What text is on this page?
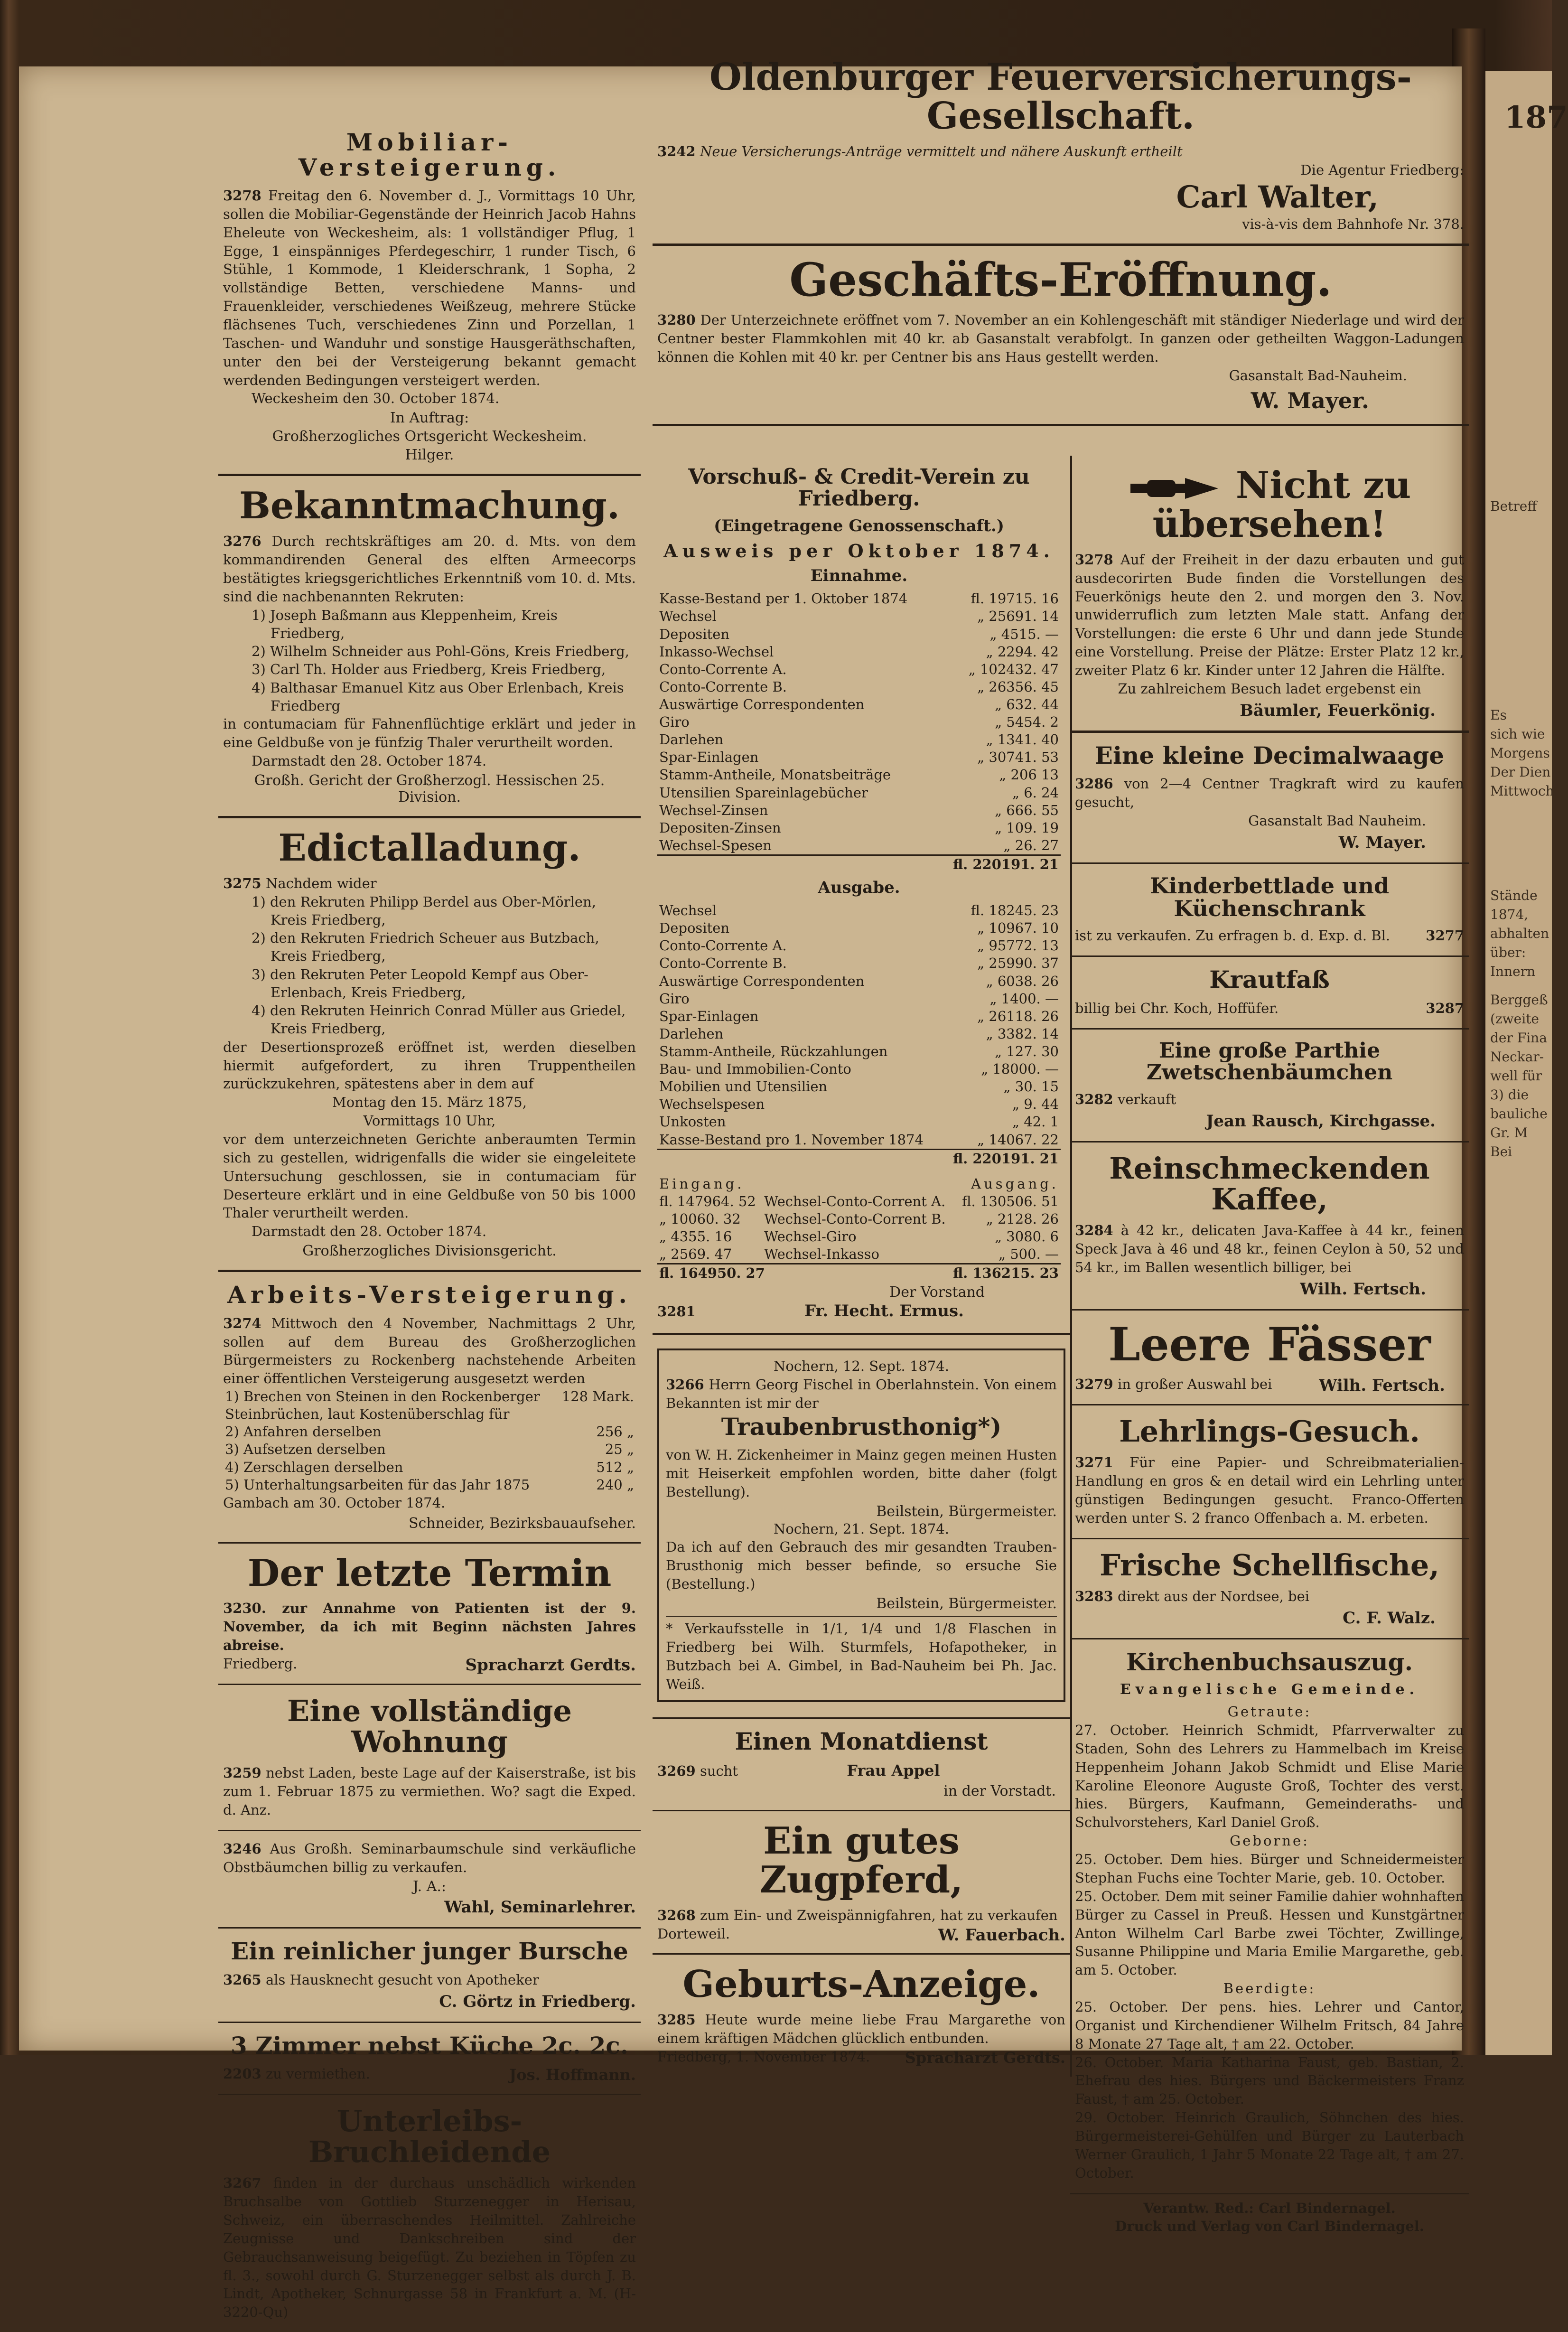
187
Betreff
Es
sich wie
Morgens
Der Dien
Mittwoch
Stände
1874,
abhalten
über:
Innern
Berggeß
(zweite
der Fina
Neckar-
well für
3) die
bauliche
Gr. M
Bei
Mobiliar-Versteigerung.
3278 Freitag den 6. November d. J., Vormittags 10 Uhr, sollen die Mobiliar-Gegenstände der Heinrich Jacob Hahns Eheleute von Weckesheim, als: 1 vollständiger Pflug, 1 Egge, 1 einspänniges Pferdegeschirr, 1 runder Tisch, 6 Stühle, 1 Kommode, 1 Kleiderschrank, 1 Sopha, 2 vollständige Betten, verschiedene Manns- und Frauenkleider, verschiedenes Weißzeug, mehrere Stücke flächsenes Tuch, verschiedenes Zinn und Porzellan, 1 Taschen- und Wanduhr und sonstige Hausgeräthschaften, unter den bei der Versteigerung bekannt gemacht werdenden Bedingungen versteigert werden.
Weckesheim den 30. October 1874.
In Auftrag:
Großherzogliches Ortsgericht Weckesheim.
Hilger.
Bekanntmachung.
3276 Durch rechtskräftiges am 20. d. Mts. von dem kommandirenden General des elften Armeecorps bestätigtes kriegsgerichtliches Erkenntniß vom 10. d. Mts. sind die nachbenannten Rekruten:
1) Joseph Baßmann aus Kleppenheim, Kreis Friedberg,
2) Wilhelm Schneider aus Pohl-Göns, Kreis Friedberg,
3) Carl Th. Holder aus Friedberg, Kreis Friedberg,
4) Balthasar Emanuel Kitz aus Ober Erlenbach, Kreis Friedberg
in contumaciam für Fahnenflüchtige erklärt und jeder in eine Geldbuße von je fünfzig Thaler verurtheilt worden.
Darmstadt den 28. October 1874.
Großh. Gericht der Großherzogl. Hessischen 25. Division.
Edictalladung.
3275 Nachdem wider
1) den Rekruten Philipp Berdel aus Ober-Mörlen, Kreis Friedberg,
2) den Rekruten Friedrich Scheuer aus Butzbach, Kreis Friedberg,
3) den Rekruten Peter Leopold Kempf aus Ober-Erlenbach, Kreis Friedberg,
4) den Rekruten Heinrich Conrad Müller aus Griedel, Kreis Friedberg,
der Desertionsprozeß eröffnet ist, werden dieselben hiermit aufgefordert, zu ihren Truppentheilen zurückzukehren, spätestens aber in dem auf
Montag den 15. März 1875,
Vormittags 10 Uhr,
vor dem unterzeichneten Gerichte anberaumten Termin sich zu gestellen, widrigenfalls die wider sie eingeleitete Untersuchung geschlossen, sie in contumaciam für Deserteure erklärt und in eine Geldbuße von 50 bis 1000 Thaler verurtheilt werden.
Darmstadt den 28. October 1874.
Großherzogliches Divisionsgericht.
Arbeits-Versteigerung.
3274 Mittwoch den 4 November, Nachmittags 2 Uhr, sollen auf dem Bureau des Großherzoglichen Bürgermeisters zu Rockenberg nachstehende Arbeiten einer öffentlichen Versteigerung ausgesetzt werden
1) Brechen von Steinen in den Rockenberger Steinbrüchen, laut Kostenüberschlag für	128 Mark.
2) Anfahren derselben	256 „
3) Aufsetzen derselben	25 „
4) Zerschlagen derselben	512 „
5) Unterhaltungsarbeiten für das Jahr 1875	240 „
Gambach am 30. October 1874.
Schneider, Bezirksbauaufseher.
Der letzte Termin
3230. zur Annahme von Patienten ist der 9. November, da ich mit Beginn nächsten Jahres abreise.
Friedberg.	Spracharzt Gerdts.
Eine vollständige Wohnung
3259 nebst Laden, beste Lage auf der Kaiserstraße, ist bis zum 1. Februar 1875 zu vermiethen. Wo? sagt die Exped. d. Anz.
3246 Aus Großh. Seminarbaumschule sind verkäufliche Obstbäumchen billig zu verkaufen.
J. A.:
Wahl, Seminarlehrer.
Ein reinlicher junger Bursche
3265 als Hausknecht gesucht von Apotheker
C. Görtz in Friedberg.
3 Zimmer nebst Küche 2c. 2c.
2203 zu vermiethen.	Jos. Hoffmann.
Unterleibs-Bruchleidende
3267 finden in der durchaus unschädlich wirkenden Bruchsalbe von Gottlieb Sturzenegger in Herisau, Schweiz, ein überraschendes Heilmittel. Zahlreiche Zeugnisse und Dankschreiben sind der Gebrauchsanweisung beigefügt. Zu beziehen in Töpfen zu fl. 3., sowohl durch G. Sturzenegger selbst als durch J. B. Lindt, Apotheker, Schnurgasse 58 in Frankfurt a. M. (H-3220-Qu)
Oldenburger Feuerversicherungs-Gesellschaft.
3242 Neue Versicherungs-Anträge vermittelt und nähere Auskunft ertheilt
Die Agentur Friedberg:
Carl Walter,
vis-à-vis dem Bahnhofe Nr. 378.
Geschäfts-Eröffnung.
3280 Der Unterzeichnete eröffnet vom 7. November an ein Kohlengeschäft mit ständiger Niederlage und wird der Centner bester Flammkohlen mit 40 kr. ab Gasanstalt verabfolgt. In ganzen oder getheilten Waggon-Ladungen können die Kohlen mit 40 kr. per Centner bis ans Haus gestellt werden.
Gasanstalt Bad-Nauheim.
W. Mayer.
Vorschuß- & Credit-Verein zu Friedberg.
(Eingetragene Genossenschaft.)
Ausweis per Oktober 1874.
Einnahme.
Kasse-Bestand per 1. Oktober 1874	fl. 19715. 16
Wechsel	„ 25691. 14
Depositen	„ 4515. —
Inkasso-Wechsel	„ 2294. 42
Conto-Corrente A.	„ 102432. 47
Conto-Corrente B.	„ 26356. 45
Auswärtige Correspondenten	„ 632. 44
Giro	„ 5454. 2
Darlehen	„ 1341. 40
Spar-Einlagen	„ 30741. 53
Stamm-Antheile, Monatsbeiträge	„ 206 13
Utensilien Spareinlagebücher	„ 6. 24
Wechsel-Zinsen	„ 666. 55
Depositen-Zinsen	„ 109. 19
Wechsel-Spesen	„ 26. 27
	fl. 220191. 21
Ausgabe.
Wechsel	fl. 18245. 23
Depositen	„ 10967. 10
Conto-Corrente A.	„ 95772. 13
Conto-Corrente B.	„ 25990. 37
Auswärtige Correspondenten	„ 6038. 26
Giro	„ 1400. —
Spar-Einlagen	„ 26118. 26
Darlehen	„ 3382. 14
Stamm-Antheile, Rückzahlungen	„ 127. 30
Bau- und Immobilien-Conto	„ 18000. —
Mobilien und Utensilien	„ 30. 15
Wechselspesen	„ 9. 44
Unkosten	„ 42. 1
Kasse-Bestand pro 1. November 1874	„ 14067. 22
	fl. 220191. 21
Eingang.		Ausgang.
fl. 147964. 52	Wechsel-Conto-Corrent A.	fl. 130506. 51
„ 10060. 32	Wechsel-Conto-Corrent B.	„ 2128. 26
„ 4355. 16	Wechsel-Giro	„ 3080. 6
„ 2569. 47	Wechsel-Inkasso	„ 500. —
fl. 164950. 27	fl. 136215. 23
Der Vorstand
3281	Fr. Hecht. Ermus.
Nochern, 12. Sept. 1874.
3266 Herrn Georg Fischel in Oberlahnstein. Von einem Bekannten ist mir der
Traubenbrusthonig*)
von W. H. Zickenheimer in Mainz gegen meinen Husten mit Heiserkeit empfohlen worden, bitte daher (folgt Bestellung).
Beilstein, Bürgermeister.
Nochern, 21. Sept. 1874.
Da ich auf den Gebrauch des mir gesandten Trauben-Brusthonig mich besser befinde, so ersuche Sie (Bestellung.)
Beilstein, Bürgermeister.
* Verkaufsstelle in 1/1, 1/4 und 1/8 Flaschen in Friedberg bei Wilh. Sturmfels, Hofapotheker, in Butzbach bei A. Gimbel, in Bad-Nauheim bei Ph. Jac. Weiß.
Einen Monatdienst
3269 sucht	Frau Appel
in der Vorstadt.
Ein gutes Zugpferd,
3268 zum Ein- und Zweispännigfahren, hat zu verkaufen
Dorteweil.	W. Fauerbach.
Geburts-Anzeige.
3285 Heute wurde meine liebe Frau Margarethe von einem kräftigen Mädchen glücklich entbunden.
Friedberg, 1. November 1874. Spracharzt Gerdts.
Nicht zu übersehen!
3278 Auf der Freiheit in der dazu erbauten und gut ausdecorirten Bude finden die Vorstellungen des Feuerkönigs heute den 2. und morgen den 3. Nov. unwiderruflich zum letzten Male statt. Anfang der Vorstellungen: die erste 6 Uhr und dann jede Stunde eine Vorstellung. Preise der Plätze: Erster Platz 12 kr., zweiter Platz 6 kr. Kinder unter 12 Jahren die Hälfte.
Zu zahlreichem Besuch ladet ergebenst ein
Bäumler, Feuerkönig.
Eine kleine Decimalwaage
3286 von 2—4 Centner Tragkraft wird zu kaufen gesucht,
Gasanstalt Bad Nauheim.
W. Mayer.
Kinderbettlade und Küchenschrank
ist zu verkaufen. Zu erfragen b. d. Exp. d. Bl.	3277
Krautfaß
billig bei Chr. Koch, Hoffüfer.	3287
Eine große Parthie Zwetschenbäumchen
3282 verkauft
Jean Rausch, Kirchgasse.
Reinschmeckenden Kaffee,
3284 à 42 kr., delicaten Java-Kaffee à 44 kr., feinen Speck Java à 46 und 48 kr., feinen Ceylon à 50, 52 und 54 kr., im Ballen wesentlich billiger, bei
Wilh. Fertsch.
Leere Fässer
3279 in großer Auswahl bei	Wilh. Fertsch.
Lehrlings-Gesuch.
3271 Für eine Papier- und Schreibmaterialien-Handlung en gros & en detail wird ein Lehrling unter günstigen Bedingungen gesucht. Franco-Offerten werden unter S. 2 franco Offenbach a. M. erbeten.
Frische Schellfische,
3283 direkt aus der Nordsee, bei
C. F. Walz.
Kirchenbuchsauszug.
Evangelische Gemeinde.
Getraute:
27. October. Heinrich Schmidt, Pfarrverwalter zu Staden, Sohn des Lehrers zu Hammelbach im Kreise Heppenheim Johann Jakob Schmidt und Elise Marie Karoline Eleonore Auguste Groß, Tochter des verst. hies. Bürgers, Kaufmann, Gemeinderaths- und Schulvorstehers, Karl Daniel Groß.
Geborne:
25. October. Dem hies. Bürger und Schneidermeister Stephan Fuchs eine Tochter Marie, geb. 10. October.
25. October. Dem mit seiner Familie dahier wohnhaften Bürger zu Cassel in Preuß. Hessen und Kunstgärtner Anton Wilhelm Carl Barbe zwei Töchter, Zwillinge, Susanne Philippine und Maria Emilie Margarethe, geb. am 5. October.
Beerdigte:
25. October. Der pens. hies. Lehrer und Cantor, Organist und Kirchendiener Wilhelm Fritsch, 84 Jahre 8 Monate 27 Tage alt, † am 22. October.
26. October. Maria Katharina Faust, geb. Bastian, 2. Ehefrau des hies. Bürgers und Bäckermeisters Franz Faust, † am 25. October.
29. October. Heinrich Graulich, Söhnchen des hies. Bürgermeisterei-Gehülfen und Bürger zu Lauterbach Werner Graulich, 1 Jahr 5 Monate 22 Tage alt, † am 27. October.
Verantw. Red.: Carl Bindernagel.
Druck und Verlag von Carl Bindernagel.
